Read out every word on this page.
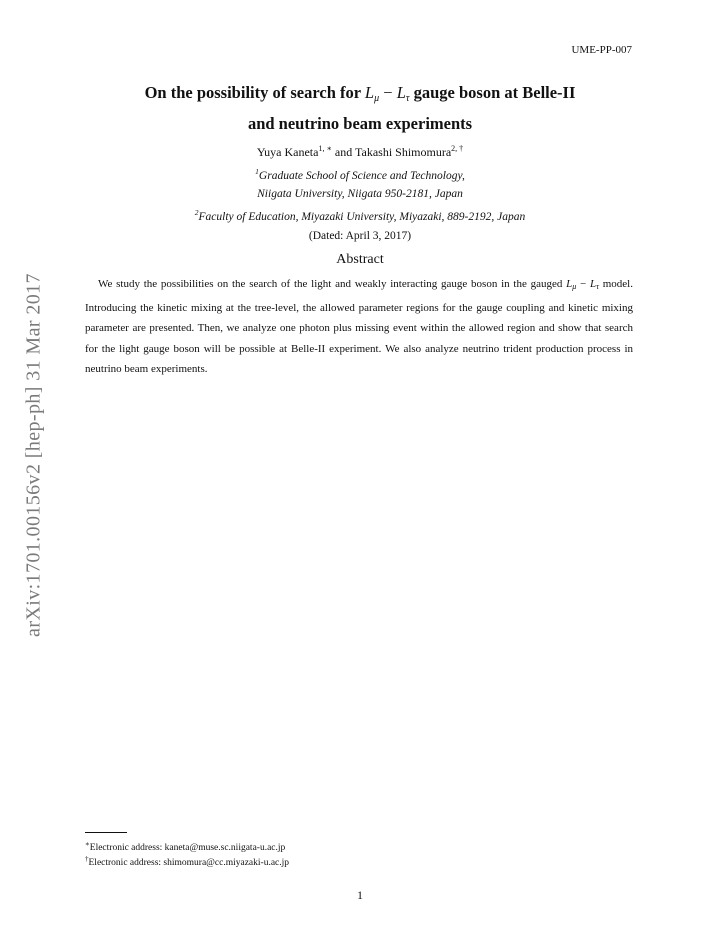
UME-PP-007
arXiv:1701.00156v2 [hep-ph] 31 Mar 2017
On the possibility of search for $L_\mu - L_\tau$ gauge boson at Belle-II
and neutrino beam experiments
Yuya Kaneta$^{1, ∗}$ and Takashi Shimomura$^{2, \dagger}$
$^1$Graduate School of Science and Technology,
Niigata University, Niigata 950-2181, Japan
$^2$Faculty of Education, Miyazaki University, Miyazaki, 889-2192, Japan
(Dated: April 3, 2017)
Abstract
We study the possibilities on the search of the light and weakly interacting gauge boson in the gauged Lμ − Lτ model. Introducing the kinetic mixing at the tree-level, the allowed parameter regions for the gauge coupling and kinetic mixing parameter are presented. Then, we analyze one photon plus missing event within the allowed region and show that search for the light gauge boson will be possible at Belle-II experiment. We also analyze neutrino trident production process in neutrino beam experiments.
∗Electronic address: kaneta@muse.sc.niigata-u.ac.jp
†Electronic address: shimomura@cc.miyazaki-u.ac.jp
1
